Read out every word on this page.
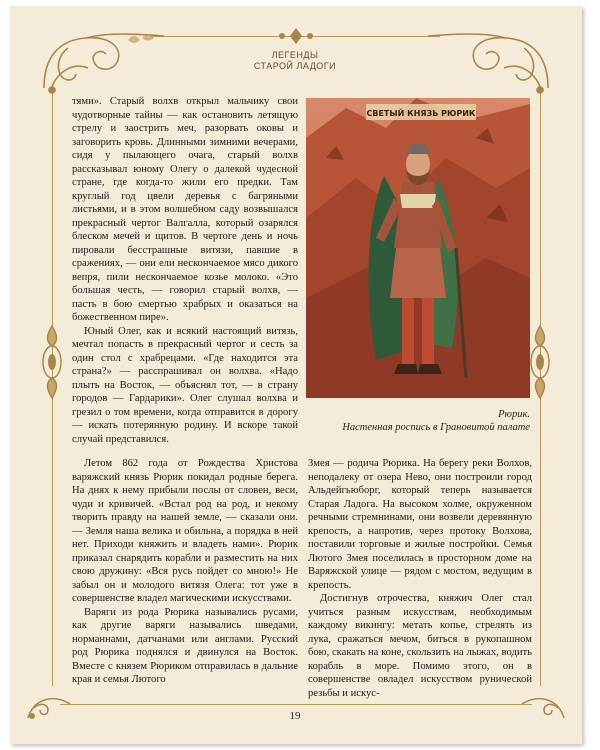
ЛЕГЕНДЫ
СТАРОЙ ЛАДОГИ

тями». Старый волхв открыл мальчику свои чудотворные тайны — как остановить летящую стрелу и заострить меч, разорвать оковы и заговорить кровь. Длинными зимними вечерами, сидя у пылающего очага, старый волхв рассказывал юному Олегу о далекой чудесной стране, где когда-то жили его предки. Там круглый год цвели деревья с багряными листьями, и в этом волшебном саду возвышался прекрасный чертог Валгалла, который озарялся блеском мечей и щитов. В чертоге день и ночь пировали бесстрашные витязи, павшие в сражениях, — они ели нескончаемое мясо дикого вепря, пили нескончаемое козье молоко. «Это большая честь, — говорил старый волхв, — пасть в бою смертью храбрых и оказаться на божественном пире».

Юный Олег, как и всякий настоящий витязь, мечтал попасть в прекрасный чертог и сесть за один стол с храбрецами. «Где находится эта страна?» — расспрашивал он волхва. «Надо плыть на Восток, — объяснял тот, — в страну городов — Гардарики». Олег слушал волхва и грезил о том времени, когда отправится в дорогу — искать потерянную родину. И вскоре такой случай представился.

СВЕТЫЙ КНЯЗЬ РЮРИК
Рюрик.
Настенная роспись в Грановитой палате

Летом 862 года от Рождества Христова варяжский князь Рюрик покидал родные берега. На днях к нему прибыли послы от словен, веси, чуди и кривичей. «Встал род на род, и некому творить правду на нашей земле, — сказали они. — Земля наша велика и обильна, а порядка в ней нет. Приходи княжить и владеть нами». Рюрик приказал снарядить корабли и разместить на них свою дружину: «Вся русь пойдет со мною!» Не забыл он и молодого витязя Олега: тот уже в совершенстве владел магическими искусствами.

Варяги из рода Рюрика назывались русами, как другие варяги назывались шведами, норманнами, датчанами или англами. Русский род Рюрика поднялся и двинулся на Восток. Вместе с князем Рюриком отправилась в дальние края и семья Лютого

Змея — родича Рюрика. На берегу реки Волхов, неподалеку от озера Нево, они построили город Альдейгьюборг, который теперь называется Старая Ладога. На высоком холме, окруженном речными стремнинами, они возвели деревянную крепость, а напротив, через протоку Волхова, поставили торговые и жилые постройки. Семья Лютого Змея поселилась в просторном доме на Варяжской улице — рядом с мостом, ведущим в крепость.

Достигнув отрочества, княжич Олег стал учиться разным искусствам, необходимым каждому викингу: метать копье, стрелять из лука, сражаться мечом, биться в рукопашном бою, скакать на коне, скользить на лыжах, водить корабль в море. Помимо этого, он в совершенстве овладел искусством рунической резьбы и искус-

19
